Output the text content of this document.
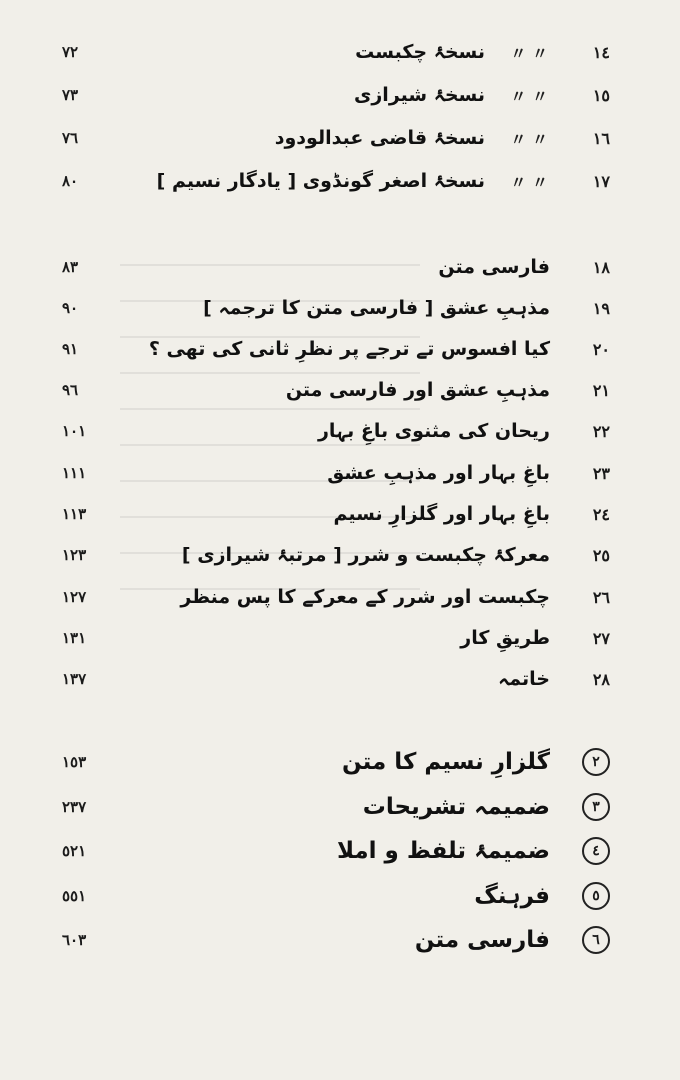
٧٢	نسخۂ چکبست 〃 〃	١٤
٧٣	نسخۂ شیرازی 〃 〃	١٥
٧٦	نسخۂ قاضی عبدالودود 〃 〃	١٦
٨٠	نسخۂ اصغر گونڈوی [ یادگار نسیم ] 〃 〃	١٧
٨٣	فارسی متن	١٨
٩٠	مذہبِ عشق [ فارسی متن کا ترجمہ ]	١٩
٩١	کیا افسوس تے ترجے پر نظرِ ثانی کی تھی ؟	٢٠
٩٦	مذہبِ عشق اور فارسی متن	٢١
١٠١	ریحان کی مثنوی باغِ بہار	٢٢
١١١	باغِ بہار اور مذہبِ عشق	٢٣
١١٣	باغِ بہار اور گلزارِ نسیم	٢٤
١٢٣	معرکۂ چکبست و شرر [ مرتبۂ شیرازی ]	٢٥
١٢٧	چکبست اور شرر کے معرکے کا پس منظر	٢٦
١٣١	طریقِ کار	٢٧
١٣٧	خاتمہ	٢٨
١٥٣	گلزارِ نسیم کا متن	٢
٢٣٧	ضمیمہ تشریحات	٣
٥٢١	ضمیمۂ تلفظ و املا	٤
٥٥١	فرہنگ	٥
٦٠٣	فارسی متن	٦
